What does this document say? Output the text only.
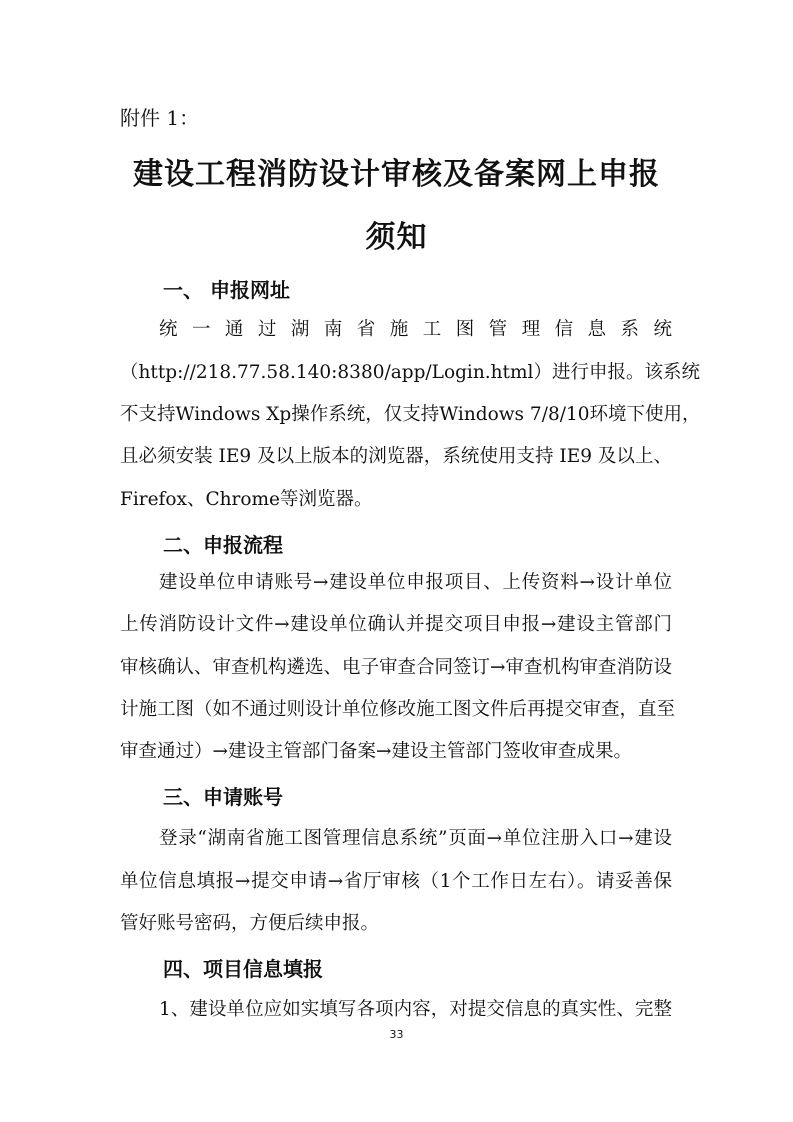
附件 1：
建设工程消防设计审核及备案网上申报
须知
一、 申报网址
统一通过湖南省施工图管理信息系统
（http://218.77.58.140:8380/app/Login.html）进行申报。该系统
不支持Windows Xp操作系统，仅支持Windows 7/8/10环境下使用，
且必须安装 IE9 及以上版本的浏览器，系统使用支持 IE9 及以上、
Firefox、Chrome等浏览器。
二、申报流程
建设单位申请账号→建设单位申报项目、上传资料→设计单位
上传消防设计文件→建设单位确认并提交项目申报→建设主管部门
审核确认、审查机构遴选、电子审查合同签订→审查机构审查消防设
计施工图（如不通过则设计单位修改施工图文件后再提交审查，直至
审查通过）→建设主管部门备案→建设主管部门签收审查成果。
三、申请账号
登录“湖南省施工图管理信息系统”页面→单位注册入口→建设
单位信息填报→提交申请→省厅审核（1个工作日左右）。请妥善保
管好账号密码，方便后续申报。
四、项目信息填报
1、建设单位应如实填写各项内容，对提交信息的真实性、完整
33
